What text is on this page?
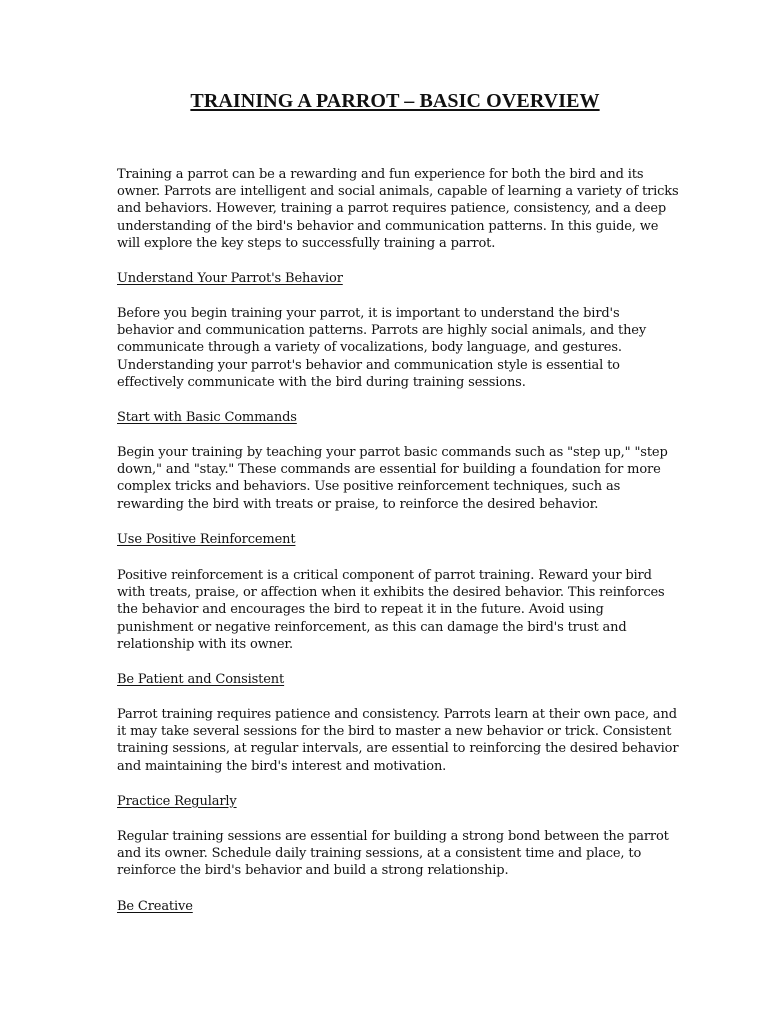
TRAINING A PARROT – BASIC OVERVIEW

Training a parrot can be a rewarding and fun experience for both the bird and its owner. Parrots are intelligent and social animals, capable of learning a variety of tricks and behaviors. However, training a parrot requires patience, consistency, and a deep understanding of the bird's behavior and communication patterns. In this guide, we will explore the key steps to successfully training a parrot.

Understand Your Parrot's Behavior

Before you begin training your parrot, it is important to understand the bird's behavior and communication patterns. Parrots are highly social animals, and they communicate through a variety of vocalizations, body language, and gestures. Understanding your parrot's behavior and communication style is essential to effectively communicate with the bird during training sessions.

Start with Basic Commands

Begin your training by teaching your parrot basic commands such as "step up," "step down," and "stay." These commands are essential for building a foundation for more complex tricks and behaviors. Use positive reinforcement techniques, such as rewarding the bird with treats or praise, to reinforce the desired behavior.

Use Positive Reinforcement

Positive reinforcement is a critical component of parrot training. Reward your bird with treats, praise, or affection when it exhibits the desired behavior. This reinforces the behavior and encourages the bird to repeat it in the future. Avoid using punishment or negative reinforcement, as this can damage the bird's trust and relationship with its owner.

Be Patient and Consistent

Parrot training requires patience and consistency. Parrots learn at their own pace, and it may take several sessions for the bird to master a new behavior or trick. Consistent training sessions, at regular intervals, are essential to reinforcing the desired behavior and maintaining the bird's interest and motivation.

Practice Regularly

Regular training sessions are essential for building a strong bond between the parrot and its owner. Schedule daily training sessions, at a consistent time and place, to reinforce the bird's behavior and build a strong relationship.

Be Creative
